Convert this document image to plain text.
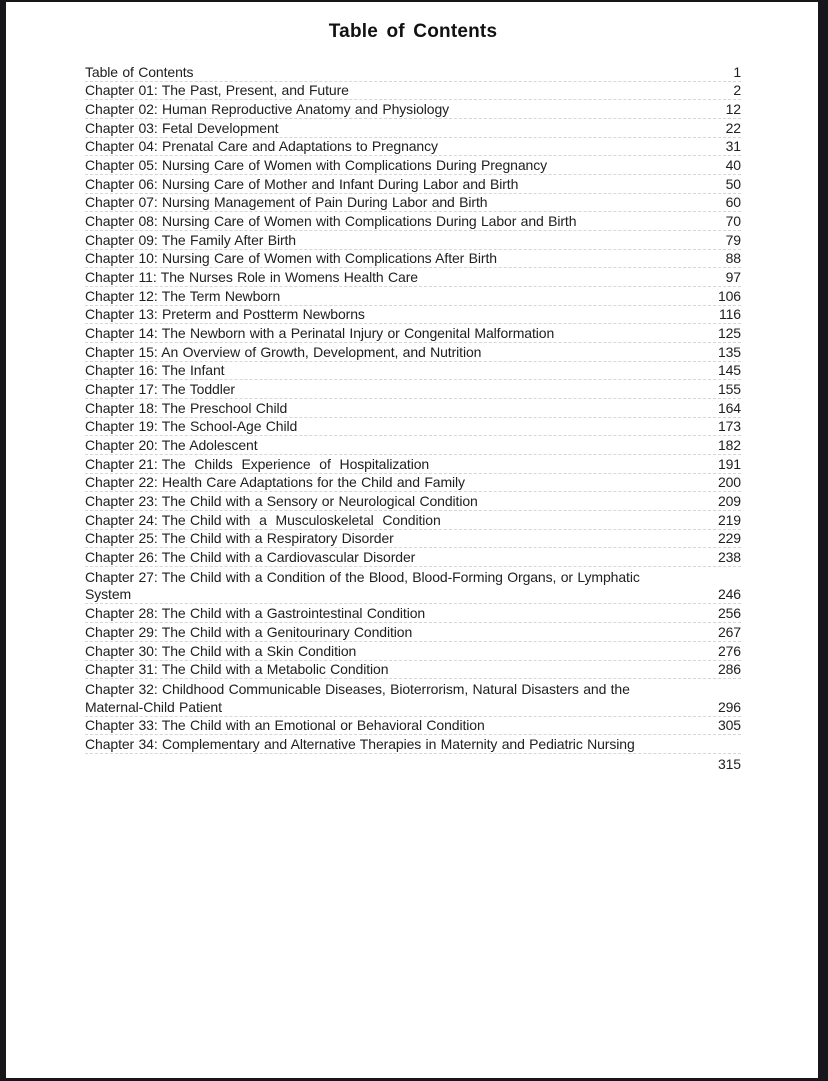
Table of Contents
Table of Contents	1
Chapter 01: The Past, Present, and Future	2
Chapter 02: Human Reproductive Anatomy and Physiology	12
Chapter 03: Fetal Development	22
Chapter 04: Prenatal Care and Adaptations to Pregnancy	31
Chapter 05: Nursing Care of Women with Complications During Pregnancy	40
Chapter 06: Nursing Care of Mother and Infant During Labor and Birth	50
Chapter 07: Nursing Management of Pain During Labor and Birth	60
Chapter 08: Nursing Care of Women with Complications During Labor and Birth	70
Chapter 09: The Family After Birth	79
Chapter 10: Nursing Care of Women with Complications After Birth	88
Chapter 11: The Nurses Role in Womens Health Care	97
Chapter 12: The Term Newborn	106
Chapter 13: Preterm and Postterm Newborns	116
Chapter 14: The Newborn with a Perinatal Injury or Congenital Malformation	125
Chapter 15: An Overview of Growth, Development, and Nutrition	135
Chapter 16: The Infant	145
Chapter 17: The Toddler	155
Chapter 18: The Preschool Child	164
Chapter 19: The School-Age Child	173
Chapter 20: The Adolescent	182
Chapter 21: The  Childs  Experience  of  Hospitalization	191
Chapter 22: Health Care Adaptations for the Child and Family	200
Chapter 23: The Child with a Sensory or Neurological Condition	209
Chapter 24: The Child with  a  Musculoskeletal  Condition	219
Chapter 25: The Child with a Respiratory Disorder	229
Chapter 26: The Child with a Cardiovascular Disorder	238
Chapter 27: The Child with a Condition of the Blood, Blood-Forming Organs, or Lymphatic
System	246
Chapter 28: The Child with a Gastrointestinal Condition	256
Chapter 29: The Child with a Genitourinary Condition	267
Chapter 30: The Child with a Skin Condition	276
Chapter 31: The Child with a Metabolic Condition	286
Chapter 32: Childhood Communicable Diseases, Bioterrorism, Natural Disasters and the
Maternal-Child Patient	296
Chapter 33: The Child with an Emotional or Behavioral Condition	305
Chapter 34: Complementary and Alternative Therapies in Maternity and Pediatric Nursing
315
